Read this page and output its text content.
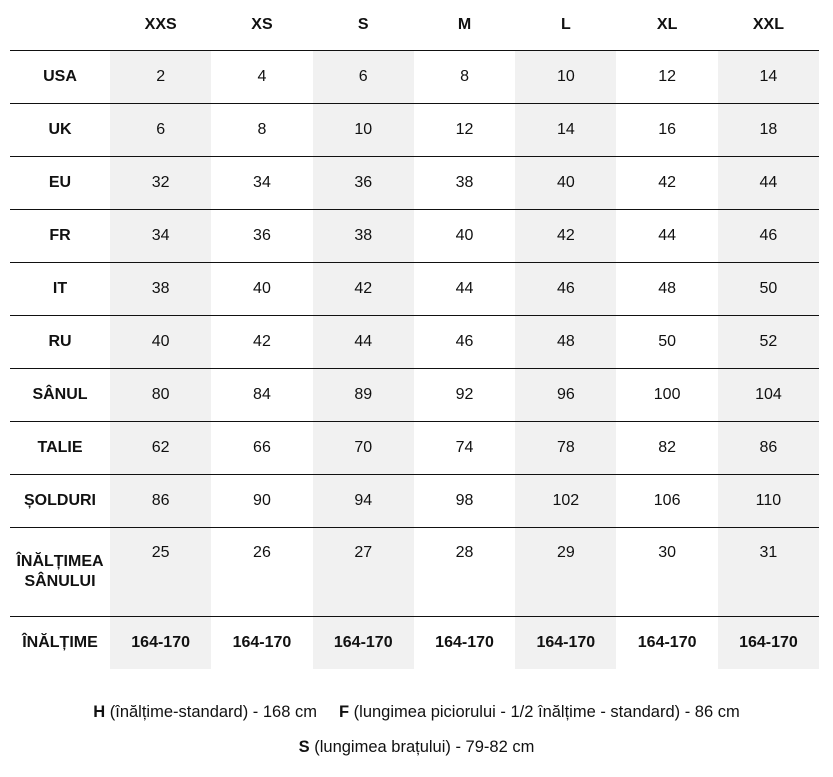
	XXS	XS	S	M	L	XL	XXL
USA	2	4	6	8	10	12	14
UK	6	8	10	12	14	16	18
EU	32	34	36	38	40	42	44
FR	34	36	38	40	42	44	46
IT	38	40	42	44	46	48	50
RU	40	42	44	46	48	50	52
SÂNUL	80	84	89	92	96	100	104
TALIE	62	66	70	74	78	82	86
ȘOLDURI	86	90	94	98	102	106	110
ÎNĂLȚIMEA
SÂNULUI	25	26	27	28	29	30	31
ÎNĂLȚIME	164-170	164-170	164-170	164-170	164-170	164-170	164-170
H (înălțime-standard) - 168 cm F (lungimea piciorului - 1/2 înălțime - standard) - 86 cm
S (lungimea brațului) - 79-82 cm
